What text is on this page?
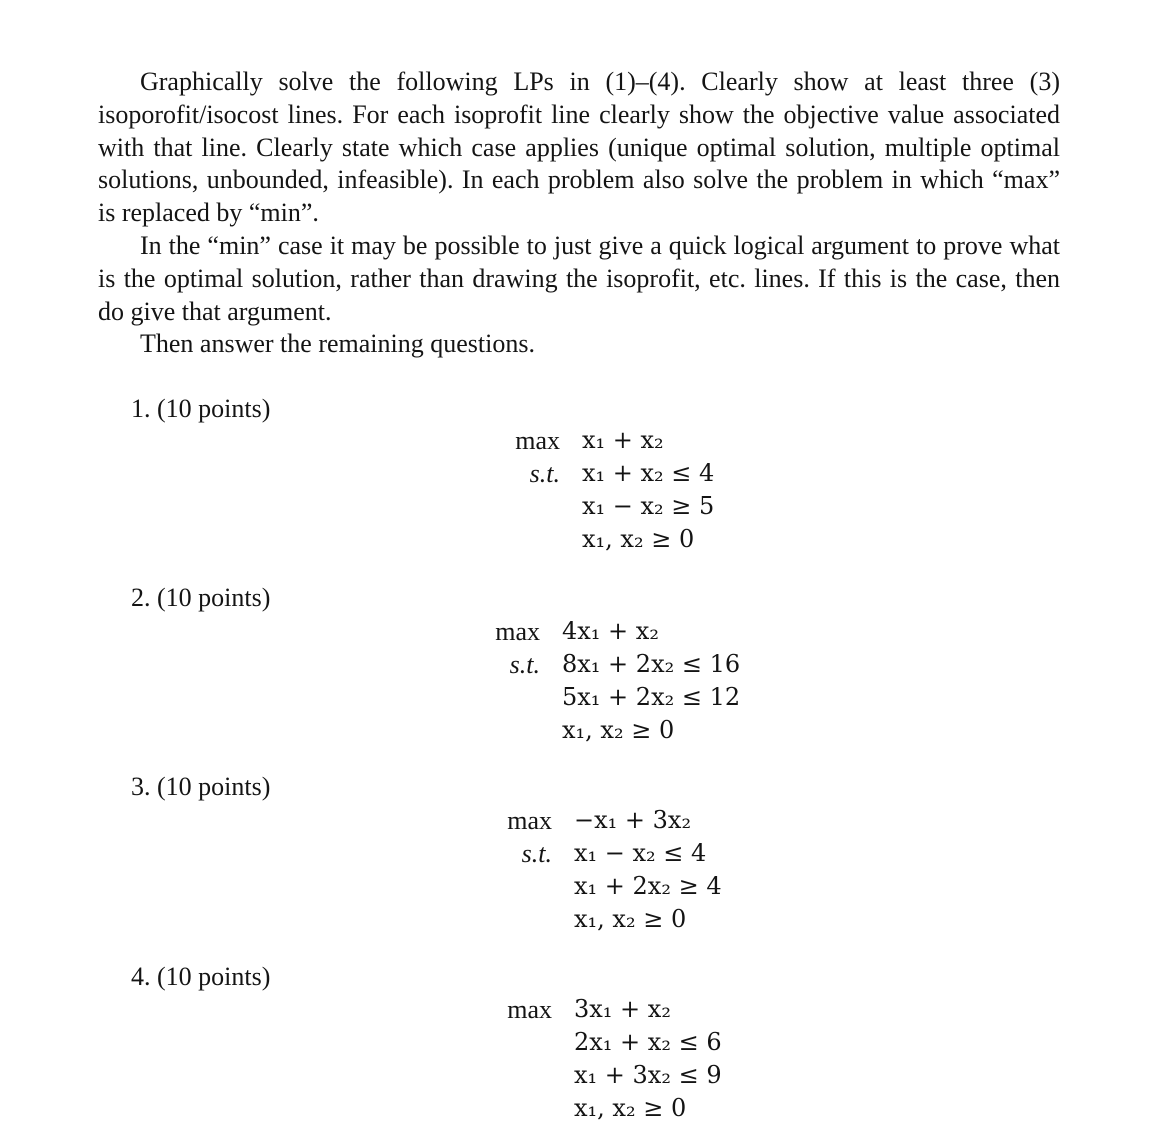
Graphically solve the following LPs in (1)–(4). Clearly show at least three (3) isoporofit/isocost lines. For each isoprofit line clearly show the objective value associated with that line. Clearly state which case applies (unique optimal solution, multiple optimal solutions, unbounded, infeasible). In each problem also solve the problem in which “max” is replaced by “min”.

In the “min” case it may be possible to just give a quick logical argument to prove what is the optimal solution, rather than drawing the isoprofit, etc. lines. If this is the case, then do give that argument.

Then answer the remaining questions.

1. (10 points)
max x₁ + x₂
s.t. x₁ + x₂ ≤ 4
x₁ − x₂ ≥ 5
x₁, x₂ ≥ 0
2. (10 points)
max 4x₁ + x₂
s.t. 8x₁ + 2x₂ ≤ 16
5x₁ + 2x₂ ≤ 12
x₁, x₂ ≥ 0
3. (10 points)
max −x₁ + 3x₂
s.t. x₁ − x₂ ≤ 4
x₁ + 2x₂ ≥ 4
x₁, x₂ ≥ 0
4. (10 points)
max 3x₁ + x₂
2x₁ + x₂ ≤ 6
x₁ + 3x₂ ≤ 9
x₁, x₂ ≥ 0
